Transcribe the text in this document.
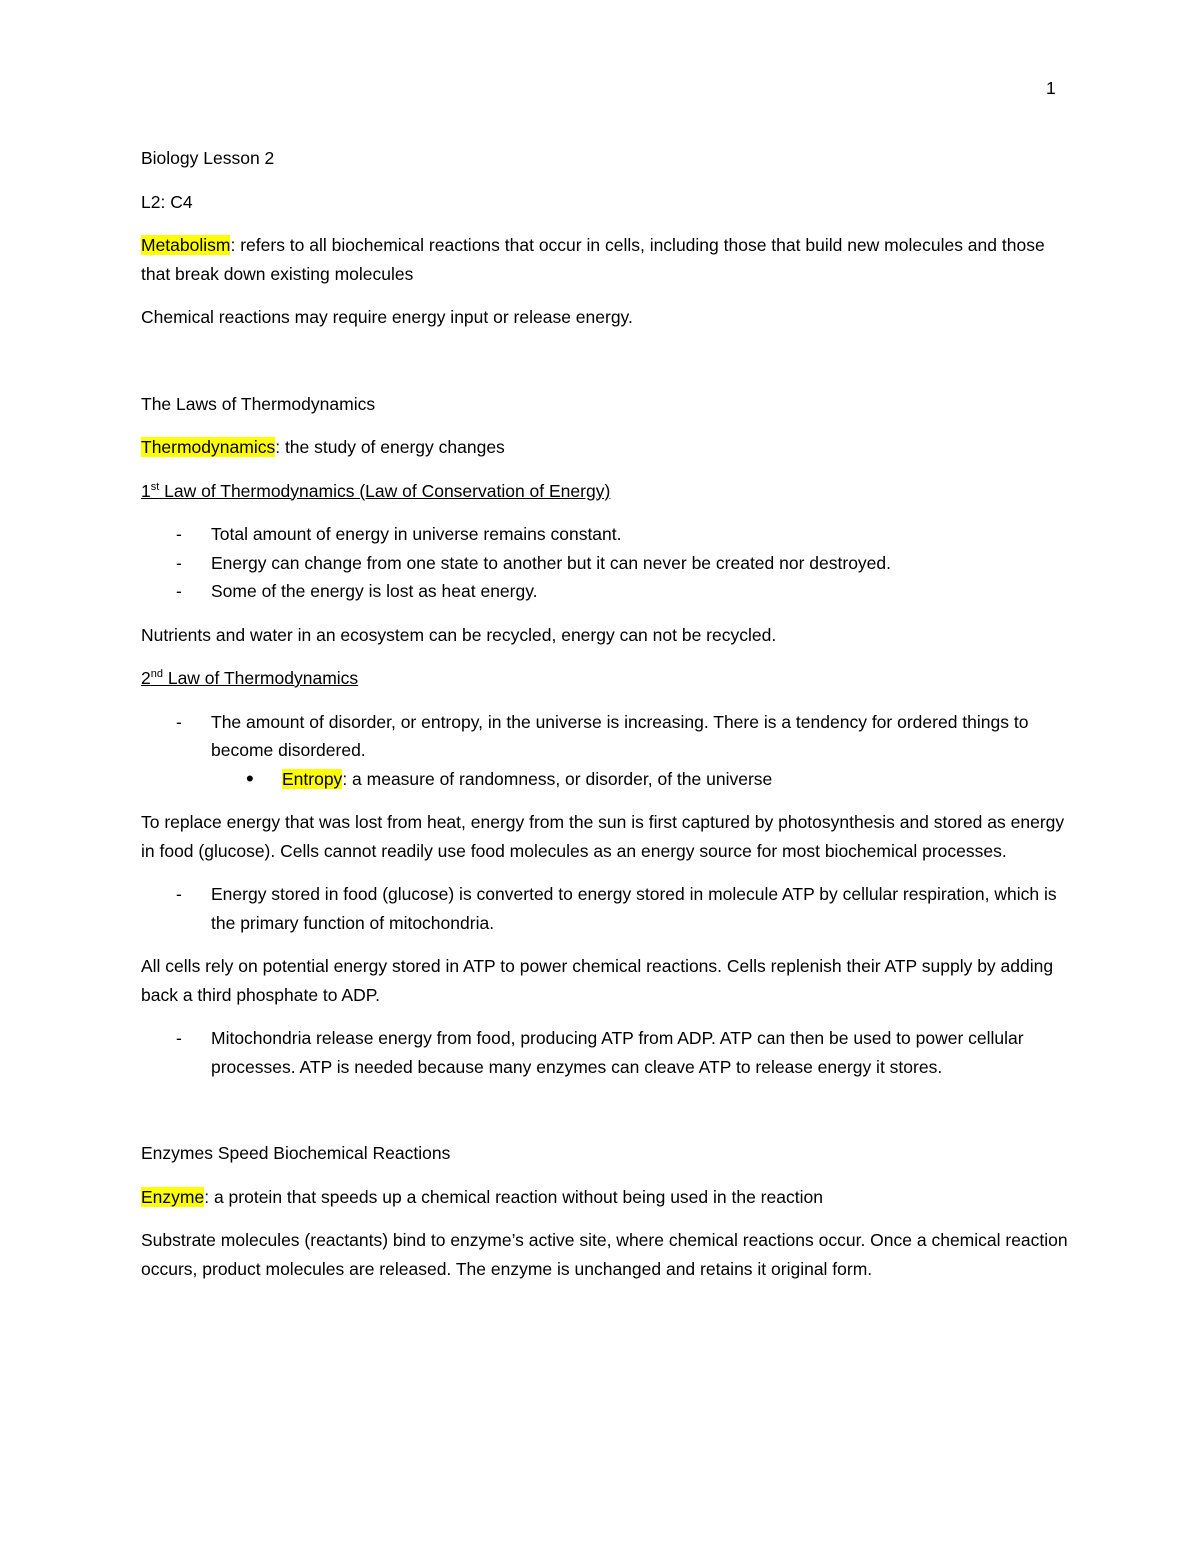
1

Biology Lesson 2

L2: C4

Metabolism: refers to all biochemical reactions that occur in cells, including those that build new molecules and those that break down existing molecules

Chemical reactions may require energy input or release energy.

The Laws of Thermodynamics

Thermodynamics: the study of energy changes

1st Law of Thermodynamics (Law of Conservation of Energy)

- Total amount of energy in universe remains constant.
- Energy can change from one state to another but it can never be created nor destroyed.
- Some of the energy is lost as heat energy.

Nutrients and water in an ecosystem can be recycled, energy can not be recycled.

2nd Law of Thermodynamics

- The amount of disorder, or entropy, in the universe is increasing. There is a tendency for ordered things to become disordered.
• Entropy: a measure of randomness, or disorder, of the universe

To replace energy that was lost from heat, energy from the sun is first captured by photosynthesis and stored as energy in food (glucose). Cells cannot readily use food molecules as an energy source for most biochemical processes.

- Energy stored in food (glucose) is converted to energy stored in molecule ATP by cellular respiration, which is the primary function of mitochondria.

All cells rely on potential energy stored in ATP to power chemical reactions. Cells replenish their ATP supply by adding back a third phosphate to ADP.

- Mitochondria release energy from food, producing ATP from ADP. ATP can then be used to power cellular processes. ATP is needed because many enzymes can cleave ATP to release energy it stores.

Enzymes Speed Biochemical Reactions

Enzyme: a protein that speeds up a chemical reaction without being used in the reaction

Substrate molecules (reactants) bind to enzyme’s active site, where chemical reactions occur. Once a chemical reaction occurs, product molecules are released. The enzyme is unchanged and retains it original form.
